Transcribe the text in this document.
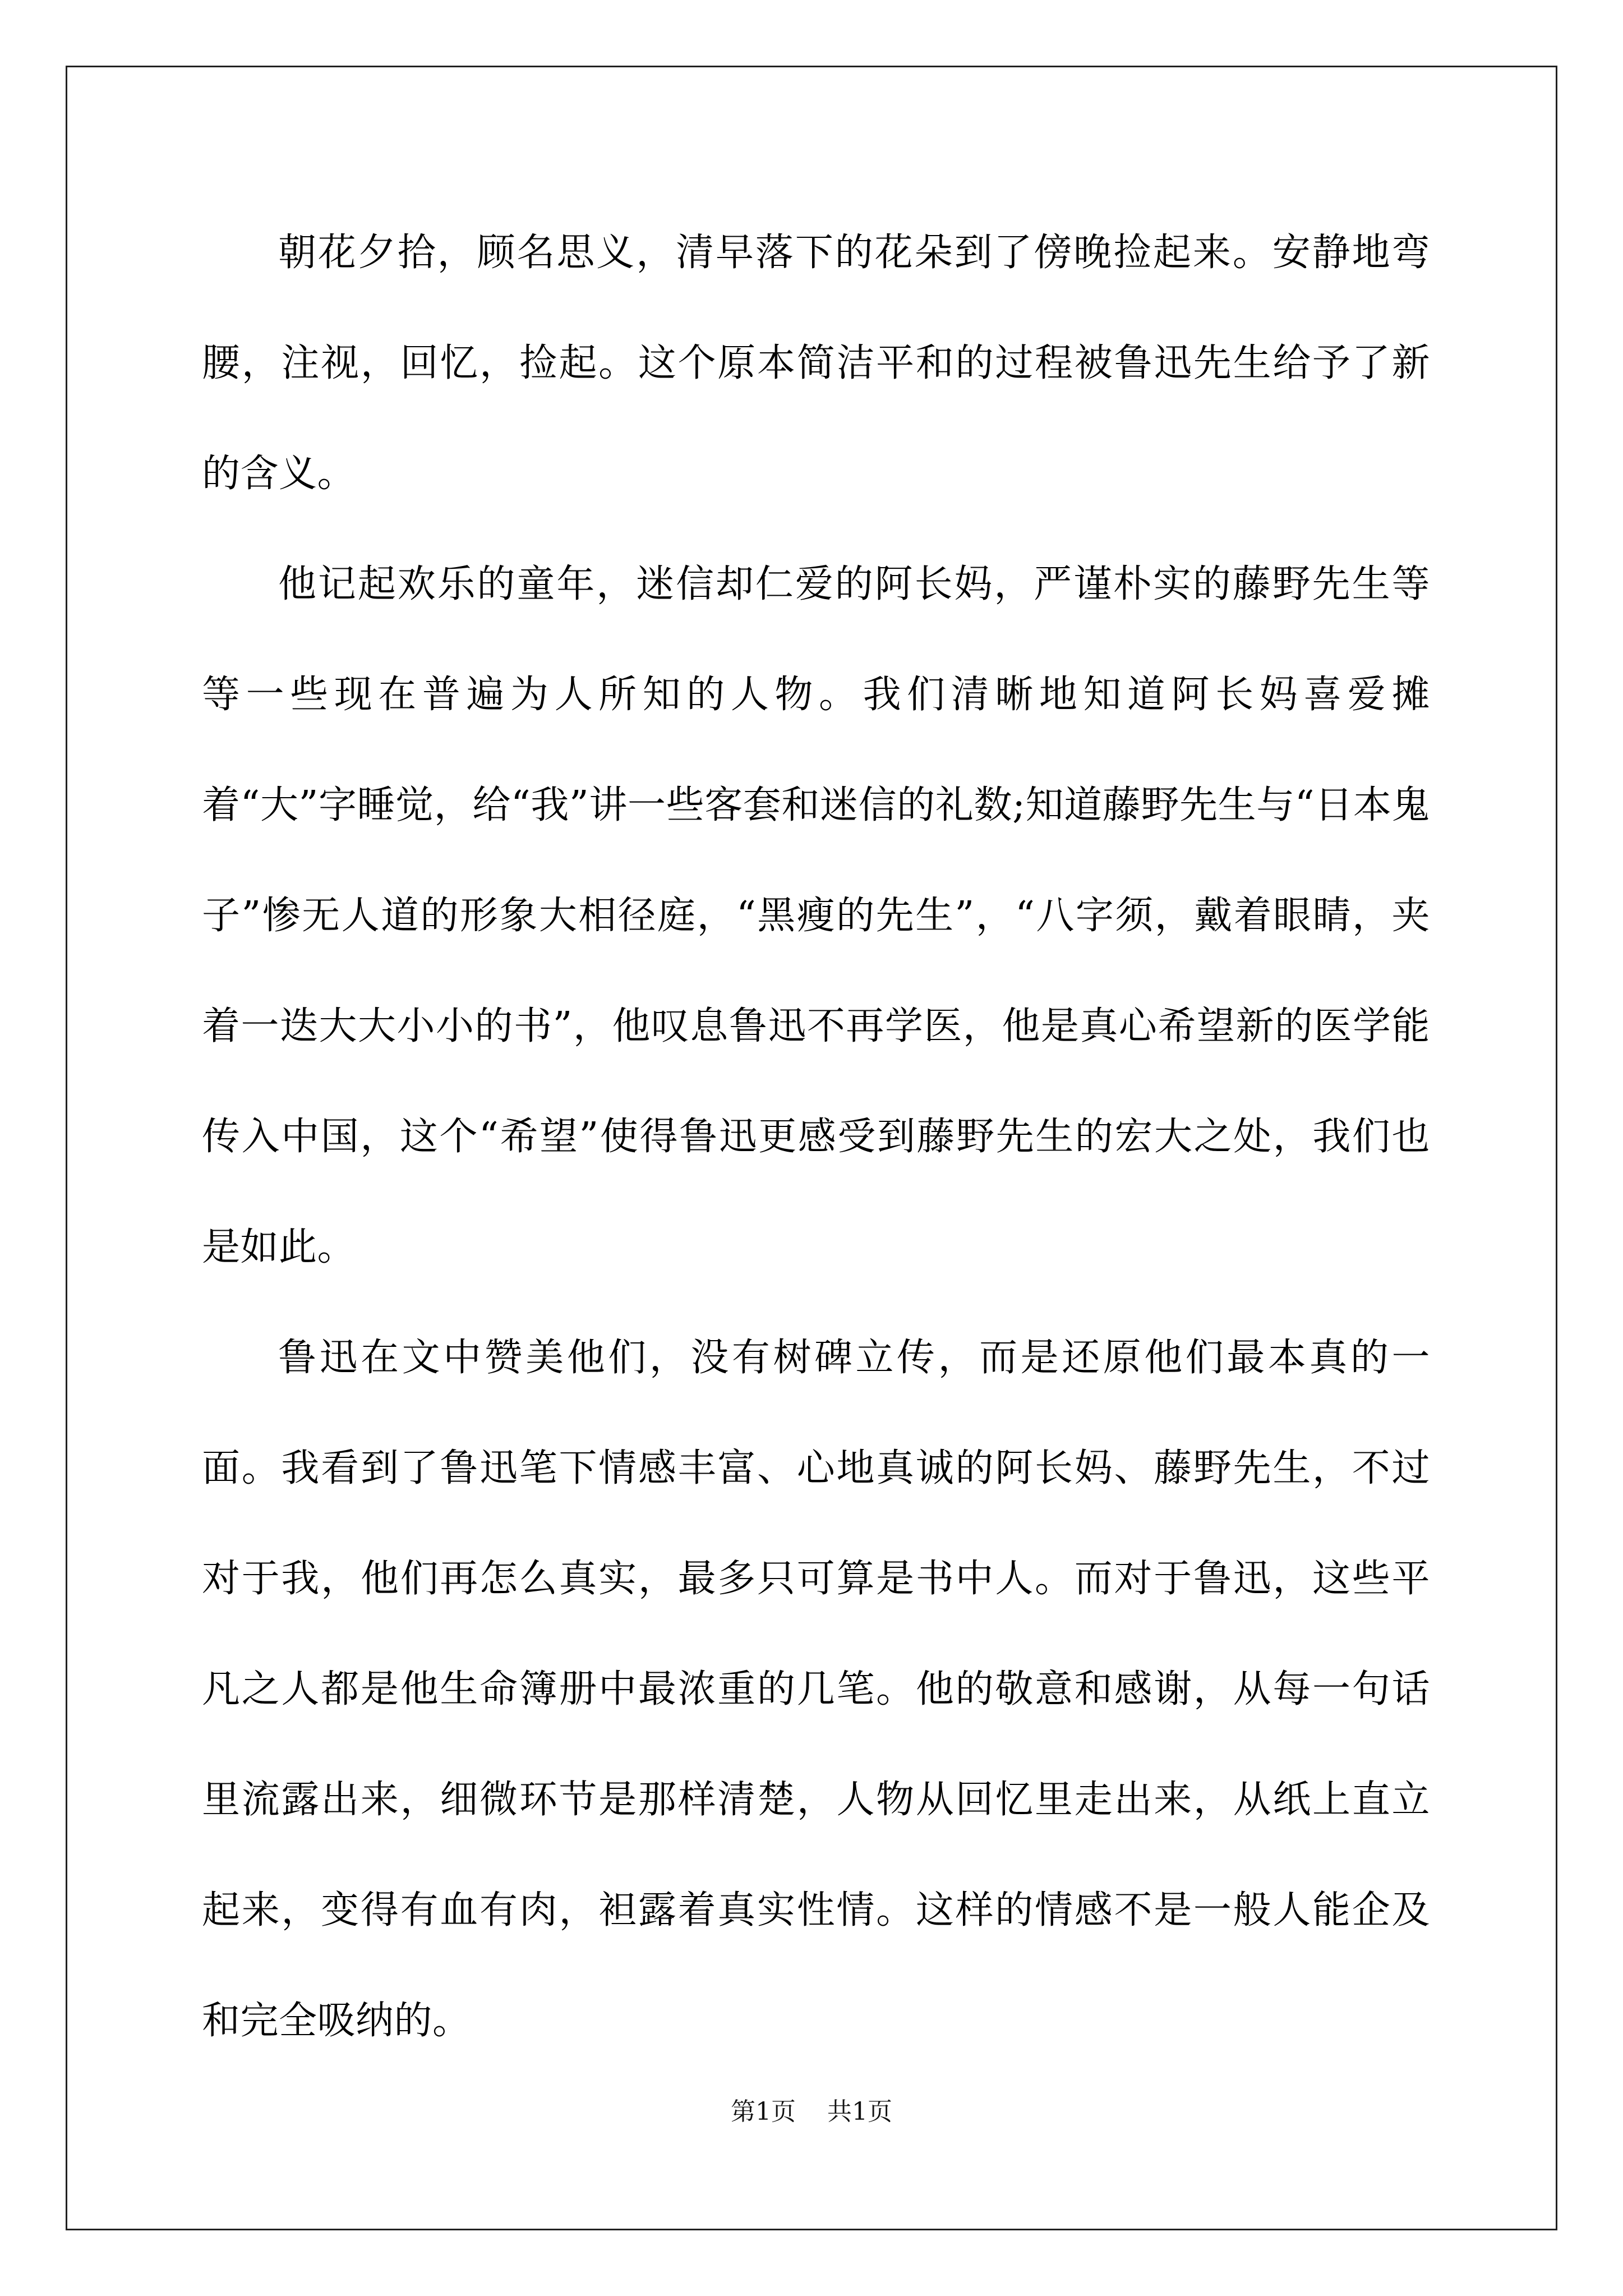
朝花夕拾，顾名思义，清早落下的花朵到了傍晚捡起来。安静地弯腰，注视，回忆，捡起。这个原本简洁平和的过程被鲁迅先生给予了新的含义。

他记起欢乐的童年，迷信却仁爱的阿长妈，严谨朴实的藤野先生等等一些现在普遍为人所知的人物。我们清晰地知道阿长妈喜爱摊着“大”字睡觉，给“我”讲一些客套和迷信的礼数;知道藤野先生与“日本鬼子”惨无人道的形象大相径庭，“黑瘦的先生”，“八字须，戴着眼睛，夹着一迭大大小小的书”，他叹息鲁迅不再学医，他是真心希望新的医学能传入中国，这个“希望”使得鲁迅更感受到藤野先生的宏大之处，我们也是如此。

鲁迅在文中赞美他们，没有树碑立传，而是还原他们最本真的一面。我看到了鲁迅笔下情感丰富、心地真诚的阿长妈、藤野先生，不过对于我，他们再怎么真实，最多只可算是书中人。而对于鲁迅，这些平凡之人都是他生命簿册中最浓重的几笔。他的敬意和感谢，从每一句话里流露出来，细微环节是那样清楚，人物从回忆里走出来，从纸上直立起来，变得有血有肉，袒露着真实性情。这样的情感不是一般人能企及和完全吸纳的。

第1页 共1页
